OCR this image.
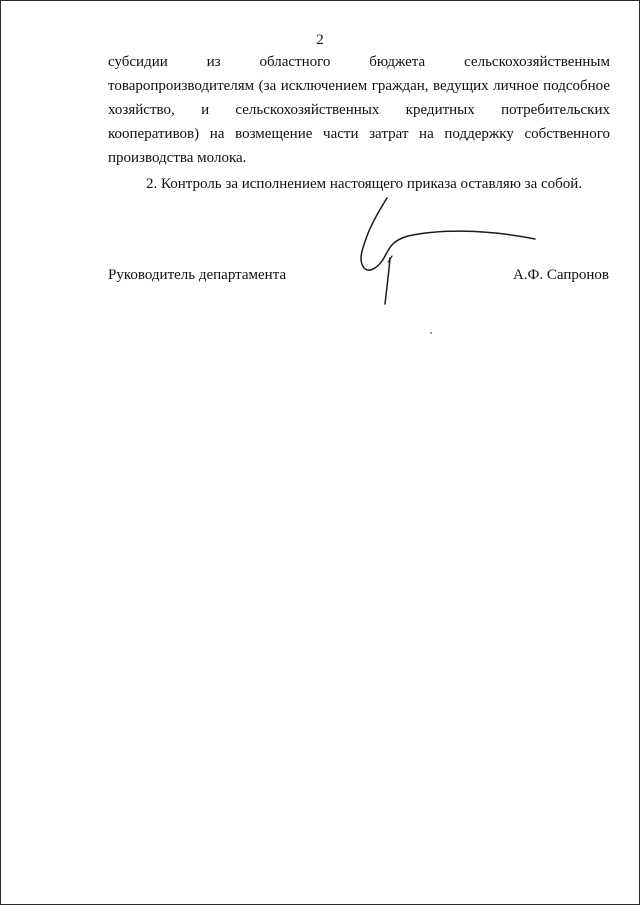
2
субсидии из областного бюджета сельскохозяйственным
товаропроизводителям (за исключением граждан, ведущих личное подсобное
хозяйство, и сельскохозяйственных кредитных потребительских
кооперативов) на возмещение части затрат на поддержку собственного
производства молока.
2. Контроль за исполнением настоящего приказа оставляю за собой.
Руководитель департамента	А.Ф. Сапронов
